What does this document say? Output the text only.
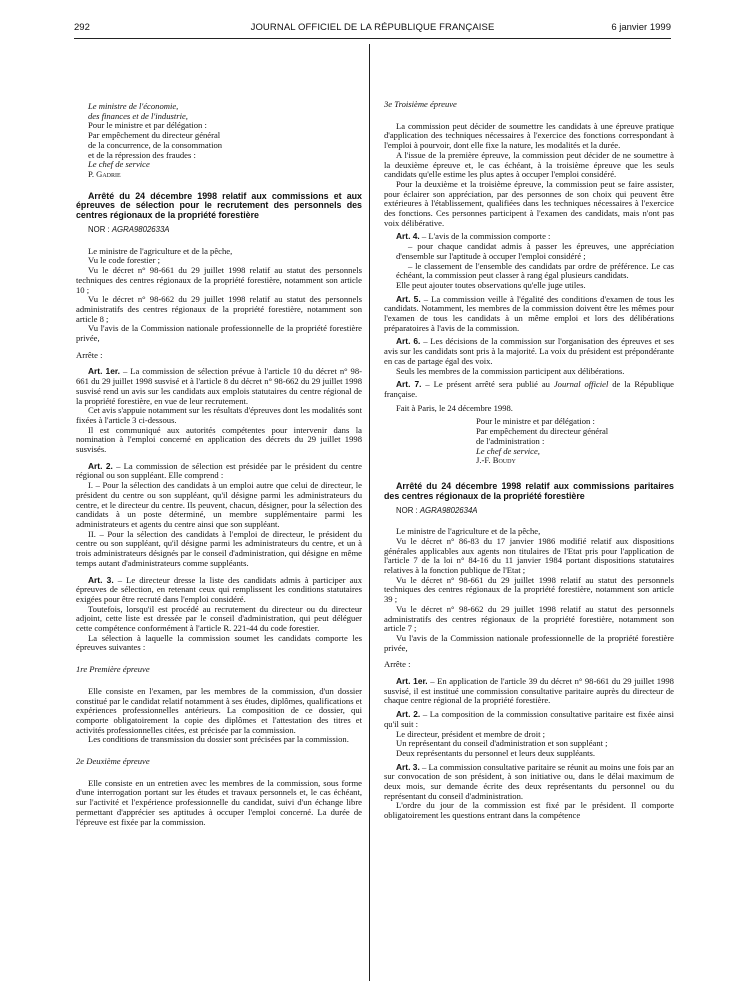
292	JOURNAL OFFICIEL DE LA RÉPUBLIQUE FRANÇAISE	6 janvier 1999

Le ministre de l'économie,

des finances et de l'industrie,

Pour le ministre et par délégation :

Par empêchement du directeur général

de la concurrence, de la consommation

et de la répression des fraudes :

Le chef de service

P. Gadrie

Arrêté du 24 décembre 1998 relatif aux commissions et aux épreuves de sélection pour le recrutement des personnels des centres régionaux de la propriété forestière

NOR : AGRA9802633A

Le ministre de l'agriculture et de la pêche,

Vu le code forestier ;

Vu le décret n° 98-661 du 29 juillet 1998 relatif au statut des personnels techniques des centres régionaux de la propriété forestière, notamment son article 10 ;

Vu le décret n° 98-662 du 29 juillet 1998 relatif au statut des personnels administratifs des centres régionaux de la propriété forestière, notamment son article 8 ;

Vu l'avis de la Commission nationale professionnelle de la propriété forestière privée,

Arrête :

Art. 1er. – La commission de sélection prévue à l'article 10 du décret n° 98-661 du 29 juillet 1998 susvisé et à l'article 8 du décret n° 98-662 du 29 juillet 1998 susvisé rend un avis sur les candidats aux emplois statutaires du centre régional de la propriété forestière, en vue de leur recrutement.

Cet avis s'appuie notamment sur les résultats d'épreuves dont les modalités sont fixées à l'article 3 ci-dessous.

Il est communiqué aux autorités compétentes pour intervenir dans la nomination à l'emploi concerné en application des décrets du 29 juillet 1998 susvisés.

Art. 2. – La commission de sélection est présidée par le président du centre régional ou son suppléant. Elle comprend :

I. – Pour la sélection des candidats à un emploi autre que celui de directeur, le président du centre ou son suppléant, qu'il désigne parmi les administrateurs du centre, et le directeur du centre. Ils peuvent, chacun, désigner, pour la sélection des candidats à un poste déterminé, un membre supplémentaire parmi les administrateurs et agents du centre ainsi que son suppléant.

II. – Pour la sélection des candidats à l'emploi de directeur, le président du centre ou son suppléant, qu'il désigne parmi les administrateurs du centre, et un à trois administrateurs désignés par le conseil d'administration, qui désigne en même temps autant d'administrateurs comme suppléants.

Art. 3. – Le directeur dresse la liste des candidats admis à participer aux épreuves de sélection, en retenant ceux qui remplissent les conditions statutaires exigées pour être recruté dans l'emploi considéré.

Toutefois, lorsqu'il est procédé au recrutement du directeur ou du directeur adjoint, cette liste est dressée par le conseil d'administration, qui peut déléguer cette compétence conformément à l'article R. 221-44 du code forestier.

La sélection à laquelle la commission soumet les candidats comporte les épreuves suivantes :

1re Première épreuve

Elle consiste en l'examen, par les membres de la commission, d'un dossier constitué par le candidat relatif notamment à ses études, diplômes, qualifications et expériences professionnelles antérieurs. La composition de ce dossier, qui comporte obligatoirement la copie des diplômes et l'attestation des titres et activités professionnelles citées, est précisée par la commission.

Les conditions de transmission du dossier sont précisées par la commission.

2e Deuxième épreuve

Elle consiste en un entretien avec les membres de la commission, sous forme d'une interrogation portant sur les études et travaux personnels et, le cas échéant, sur l'activité et l'expérience professionnelle du candidat, suivi d'un échange libre permettant d'apprécier ses aptitudes à occuper l'emploi concerné. La durée de l'épreuve est fixée par la commission.

3e Troisième épreuve

La commission peut décider de soumettre les candidats à une épreuve pratique d'application des techniques nécessaires à l'exercice des fonctions correspondant à l'emploi à pourvoir, dont elle fixe la nature, les modalités et la durée.

A l'issue de la première épreuve, la commission peut décider de ne soumettre à la deuxième épreuve et, le cas échéant, à la troisième épreuve que les seuls candidats qu'elle estime les plus aptes à occuper l'emploi considéré.

Pour la deuxième et la troisième épreuve, la commission peut se faire assister, pour éclairer son appréciation, par des personnes de son choix qui peuvent être extérieures à l'établissement, qualifiées dans les techniques nécessaires à l'exercice des fonctions. Ces personnes participent à l'examen des candidats, mais n'ont pas voix délibérative.

Art. 4. – L'avis de la commission comporte :

– pour chaque candidat admis à passer les épreuves, une appréciation d'ensemble sur l'aptitude à occuper l'emploi considéré ;

– le classement de l'ensemble des candidats par ordre de préférence. Le cas échéant, la commission peut classer à rang égal plusieurs candidats.

Elle peut ajouter toutes observations qu'elle juge utiles.

Art. 5. – La commission veille à l'égalité des conditions d'examen de tous les candidats. Notamment, les membres de la commission doivent être les mêmes pour l'examen de tous les candidats à un même emploi et lors des délibérations préparatoires à l'avis de la commission.

Art. 6. – Les décisions de la commission sur l'organisation des épreuves et ses avis sur les candidats sont pris à la majorité. La voix du président est prépondérante en cas de partage égal des voix.

Seuls les membres de la commission participent aux délibérations.

Art. 7. – Le présent arrêté sera publié au Journal officiel de la République française.

Fait à Paris, le 24 décembre 1998.

Pour le ministre et par délégation :

Par empêchement du directeur général

de l'administration :

Le chef de service,

J.-F. Boudy

Arrêté du 24 décembre 1998 relatif aux commissions paritaires des centres régionaux de la propriété forestière

NOR : AGRA9802634A

Le ministre de l'agriculture et de la pêche,

Vu le décret n° 86-83 du 17 janvier 1986 modifié relatif aux dispositions générales applicables aux agents non titulaires de l'Etat pris pour l'application de l'article 7 de la loi n° 84-16 du 11 janvier 1984 portant dispositions statutaires relatives à la fonction publique de l'Etat ;

Vu le décret n° 98-661 du 29 juillet 1998 relatif au statut des personnels techniques des centres régionaux de la propriété forestière, notamment son article 39 ;

Vu le décret n° 98-662 du 29 juillet 1998 relatif au statut des personnels administratifs des centres régionaux de la propriété forestière, notamment son article 7 ;

Vu l'avis de la Commission nationale professionnelle de la propriété forestière privée,

Arrête :

Art. 1er. – En application de l'article 39 du décret n° 98-661 du 29 juillet 1998 susvisé, il est institué une commission consultative paritaire auprès du directeur de chaque centre régional de la propriété forestière.

Art. 2. – La composition de la commission consultative paritaire est fixée ainsi qu'il suit :

Le directeur, président et membre de droit ;

Un représentant du conseil d'administration et son suppléant ;

Deux représentants du personnel et leurs deux suppléants.

Art. 3. – La commission consultative paritaire se réunit au moins une fois par an sur convocation de son président, à son initiative ou, dans le délai maximum de deux mois, sur demande écrite des deux représentants du personnel ou du représentant du conseil d'administration.

L'ordre du jour de la commission est fixé par le président. Il comporte obligatoirement les questions entrant dans la compétence
